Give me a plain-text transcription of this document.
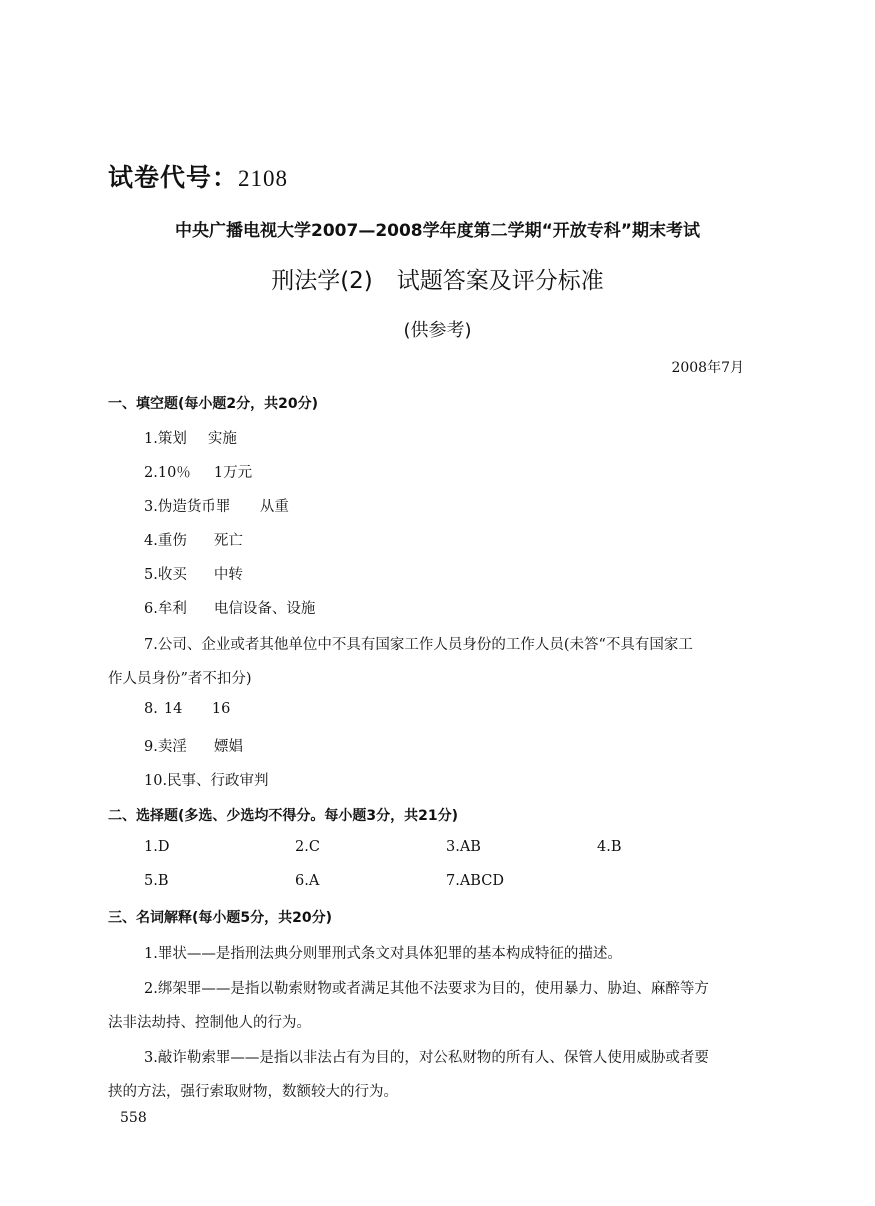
试卷代号：2108
中央广播电视大学2007—2008学年度第二学期“开放专科”期末考试
刑法学(2) 试题答案及评分标准
(供参考)
2008年7月
一、填空题(每小题2分，共20分)
1.策划 实施
2.10％ 1万元
3.伪造货币罪 从重
4.重伤 死亡
5.收买 中转
6.牟利 电信设备、设施
7.公司、企业或者其他单位中不具有国家工作人员身份的工作人员(未答“不具有国家工
作人员身份”者不扣分)
8. 14 16
9.卖淫 嫖娼
10.民事、行政审判
二、选择题(多选、少选均不得分。每小题3分，共21分)
1.D	2.C	3.AB	4.B
5.B	6.A	7.ABCD
三、名词解释(每小题5分，共20分)
1.罪状——是指刑法典分则罪刑式条文对具体犯罪的基本构成特征的描述。
2.绑架罪——是指以勒索财物或者满足其他不法要求为目的，使用暴力、胁迫、麻醉等方
法非法劫持、控制他人的行为。
3.敲诈勒索罪——是指以非法占有为目的，对公私财物的所有人、保管人使用威胁或者要
挟的方法，强行索取财物，数额较大的行为。
558
